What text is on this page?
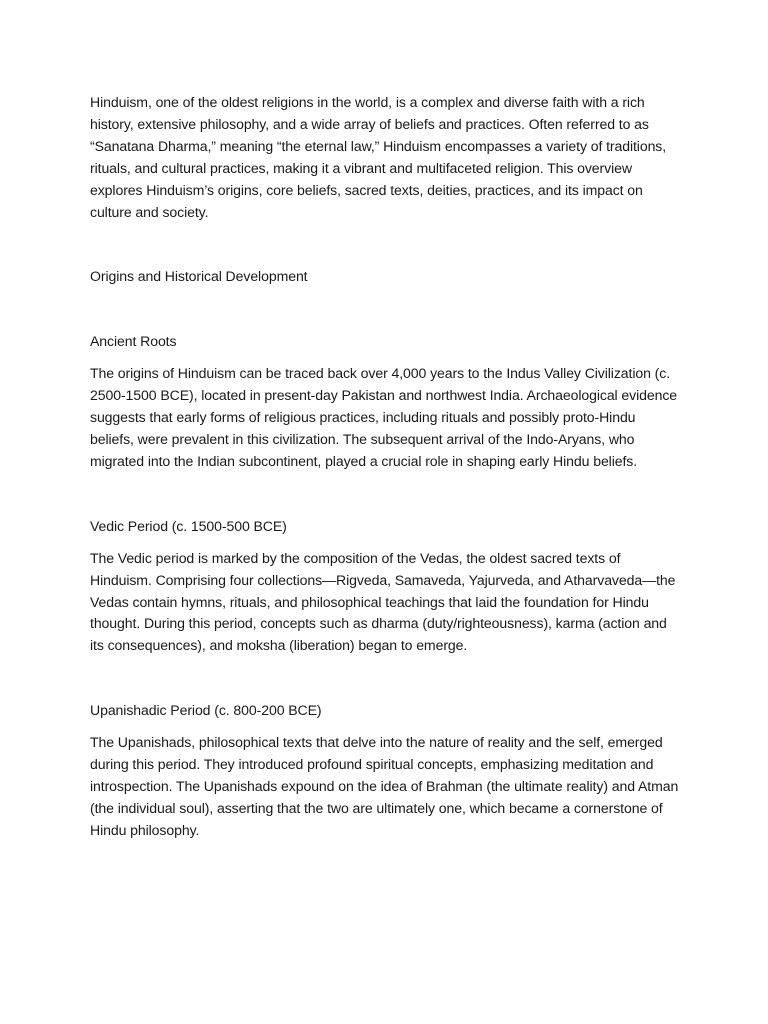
Hinduism, one of the oldest religions in the world, is a complex and diverse faith with a rich history, extensive philosophy, and a wide array of beliefs and practices. Often referred to as “Sanatana Dharma,” meaning “the eternal law,” Hinduism encompasses a variety of traditions, rituals, and cultural practices, making it a vibrant and multifaceted religion. This overview explores Hinduism’s origins, core beliefs, sacred texts, deities, practices, and its impact on culture and society.

Origins and Historical Development

Ancient Roots

The origins of Hinduism can be traced back over 4,000 years to the Indus Valley Civilization (c. 2500-1500 BCE), located in present-day Pakistan and northwest India. Archaeological evidence suggests that early forms of religious practices, including rituals and possibly proto-Hindu beliefs, were prevalent in this civilization. The subsequent arrival of the Indo-Aryans, who migrated into the Indian subcontinent, played a crucial role in shaping early Hindu beliefs.

Vedic Period (c. 1500-500 BCE)

The Vedic period is marked by the composition of the Vedas, the oldest sacred texts of Hinduism. Comprising four collections—Rigveda, Samaveda, Yajurveda, and Atharvaveda—the Vedas contain hymns, rituals, and philosophical teachings that laid the foundation for Hindu thought. During this period, concepts such as dharma (duty/righteousness), karma (action and its consequences), and moksha (liberation) began to emerge.

Upanishadic Period (c. 800-200 BCE)

The Upanishads, philosophical texts that delve into the nature of reality and the self, emerged during this period. They introduced profound spiritual concepts, emphasizing meditation and introspection. The Upanishads expound on the idea of Brahman (the ultimate reality) and Atman (the individual soul), asserting that the two are ultimately one, which became a cornerstone of Hindu philosophy.
